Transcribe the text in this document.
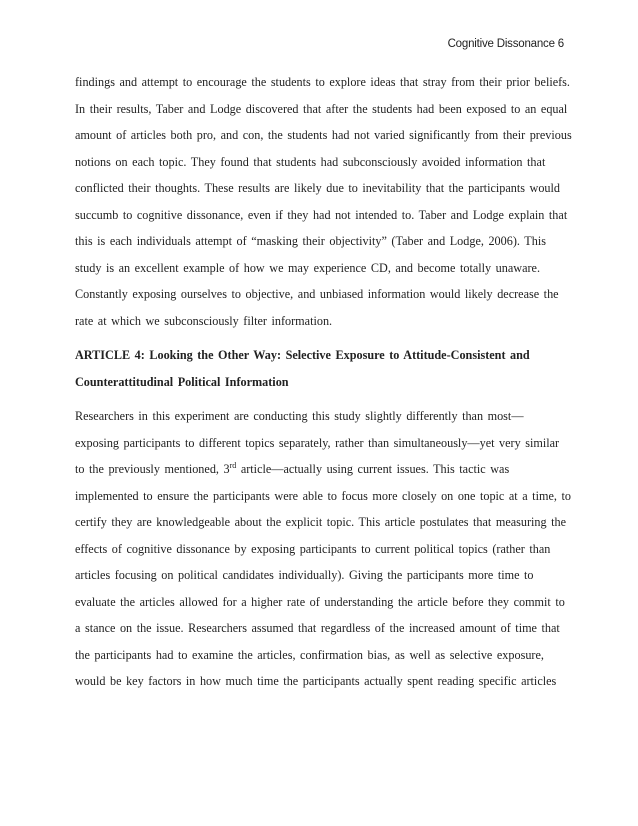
Cognitive Dissonance 6
findings and attempt to encourage the students to explore ideas that stray from their prior beliefs.
In their results, Taber and Lodge discovered that after the students had been exposed to an equal
amount of articles both pro, and con, the students had not varied significantly from their previous
notions on each topic. They found that students had subconsciously avoided information that
conflicted their thoughts. These results are likely due to inevitability that the participants would
succumb to cognitive dissonance, even if they had not intended to. Taber and Lodge explain that
this is each individuals attempt of “masking their objectivity” (Taber and Lodge, 2006). This
study is an excellent example of how we may experience CD, and become totally unaware.
Constantly exposing ourselves to objective, and unbiased information would likely decrease the
rate at which we subconsciously filter information.
ARTICLE 4: Looking the Other Way: Selective Exposure to Attitude-Consistent and
Counterattitudinal Political Information
Researchers in this experiment are conducting this study slightly differently than most—
exposing participants to different topics separately, rather than simultaneously—yet very similar
to the previously mentioned, 3rd article—actually using current issues. This tactic was
implemented to ensure the participants were able to focus more closely on one topic at a time, to
certify they are knowledgeable about the explicit topic. This article postulates that measuring the
effects of cognitive dissonance by exposing participants to current political topics (rather than
articles focusing on political candidates individually). Giving the participants more time to
evaluate the articles allowed for a higher rate of understanding the article before they commit to
a stance on the issue. Researchers assumed that regardless of the increased amount of time that
the participants had to examine the articles, confirmation bias, as well as selective exposure,
would be key factors in how much time the participants actually spent reading specific articles
